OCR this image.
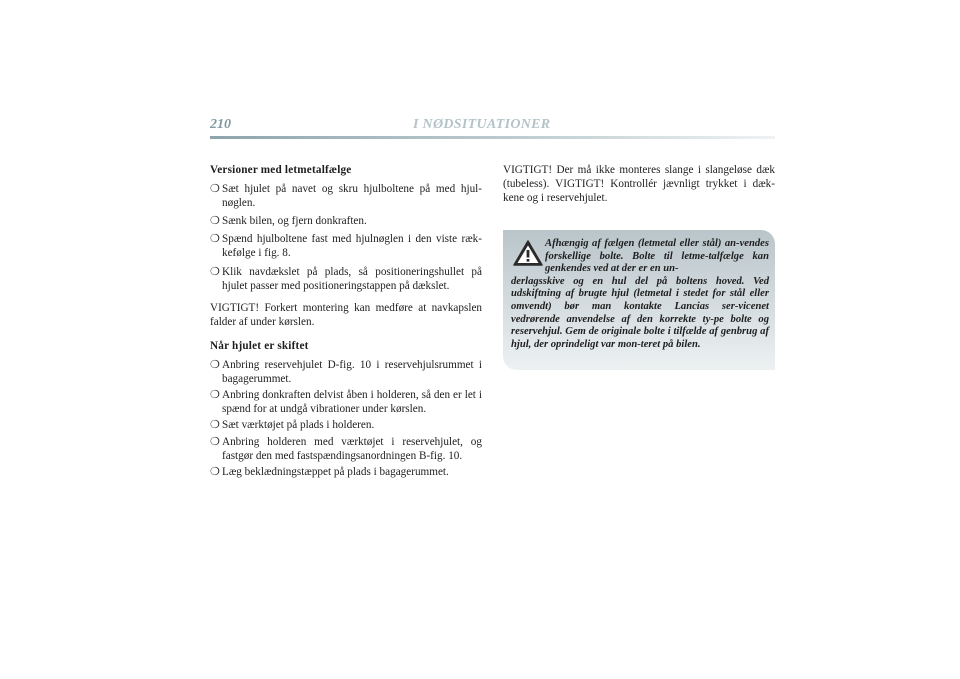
210	I NØDSITUATIONER
Versioner med letmetalfælge
❍ Sæt hjulet på navet og skru hjulboltene på med hjul-nøglen.
❍ Sænk bilen, og fjern donkraften.
❍ Spænd hjulboltene fast med hjulnøglen i den viste ræk-kefølge i fig. 8.
❍ Klik navdækslet på plads, så positioneringshullet på hjulet passer med positioneringstappen på dækslet.

VIGTIGT! Forkert montering kan medføre at navkapslen falder af under kørslen.

Når hjulet er skiftet
❍ Anbring reservehjulet D-fig. 10 i reservehjulsrummet i bagagerummet.
❍ Anbring donkraften delvist åben i holderen, så den er let i spænd for at undgå vibrationer under kørslen.
❍ Sæt værktøjet på plads i holderen.
❍ Anbring holderen med værktøjet i reservehjulet, og fastgør den med fastspændingsanordningen B-fig. 10.
❍ Læg beklædningstæppet på plads i bagagerummet.

VIGTIGT! Der må ikke monteres slange i slangeløse dæk (tubeless). VIGTIGT! Kontrollér jævnligt trykket i dæk-kene og i reservehjulet.

Afhængig af fælgen (letmetal eller stål) an-vendes forskellige bolte. Bolte til letme-talfælge kan genkendes ved at der er en un-
derlagsskive og en hul del på boltens hoved. Ved udskiftning af brugte hjul (letmetal i stedet for stål eller omvendt) bør man kontakte Lancias ser-vicenet vedrørende anvendelse af den korrekte ty-pe bolte og reservehjul. Gem de originale bolte i tilfælde af genbrug af hjul, der oprindeligt var mon-teret på bilen.
